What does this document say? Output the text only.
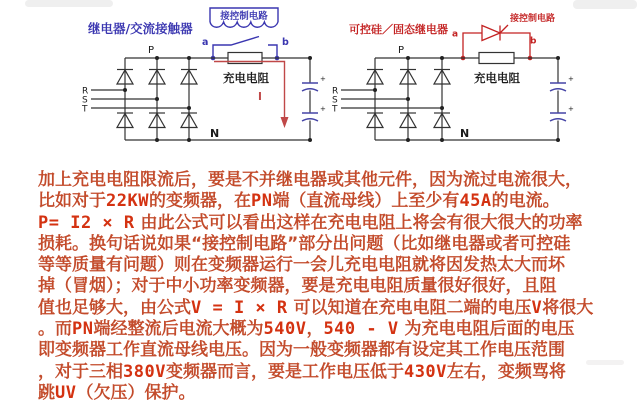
继电器/交流接触器
接控制电路
a	b
P
N
R
S
T
充电电阻
I
+
+
可控硅／固态继电器 a
b
接控制电路
P
N
R
S
T
充电电阻	+
+
加上充电电阻限流后，要是不并继电器或其他元件，因为流过电流很大，
比如对于22KW的变频器，在PN端（直流母线）上至少有45A的电流。
P= I2 × R 由此公式可以看出这样在充电电阻上将会有很大很大的功率
损耗。换句话说如果“接控制电路”部分出问题（比如继电器或者可控硅
等等质量有问题）则在变频器运行一会儿充电电阻就将因发热太大而坏
掉（冒烟）；对于中小功率变频器，要是充电电阻质量很好很好，且阻
值也足够大，由公式V = I × R 可以知道在充电电阻二端的电压V将很大
。而PN端经整流后电流大概为540V，540 - V 为充电电阻后面的电压
即变频器工作直流母线电压。因为一般变频器都有设定其工作电压范围
，对于三相380V变频器而言，要是工作电压低于430V左右，变频骂将
跳UV（欠压）保护。
